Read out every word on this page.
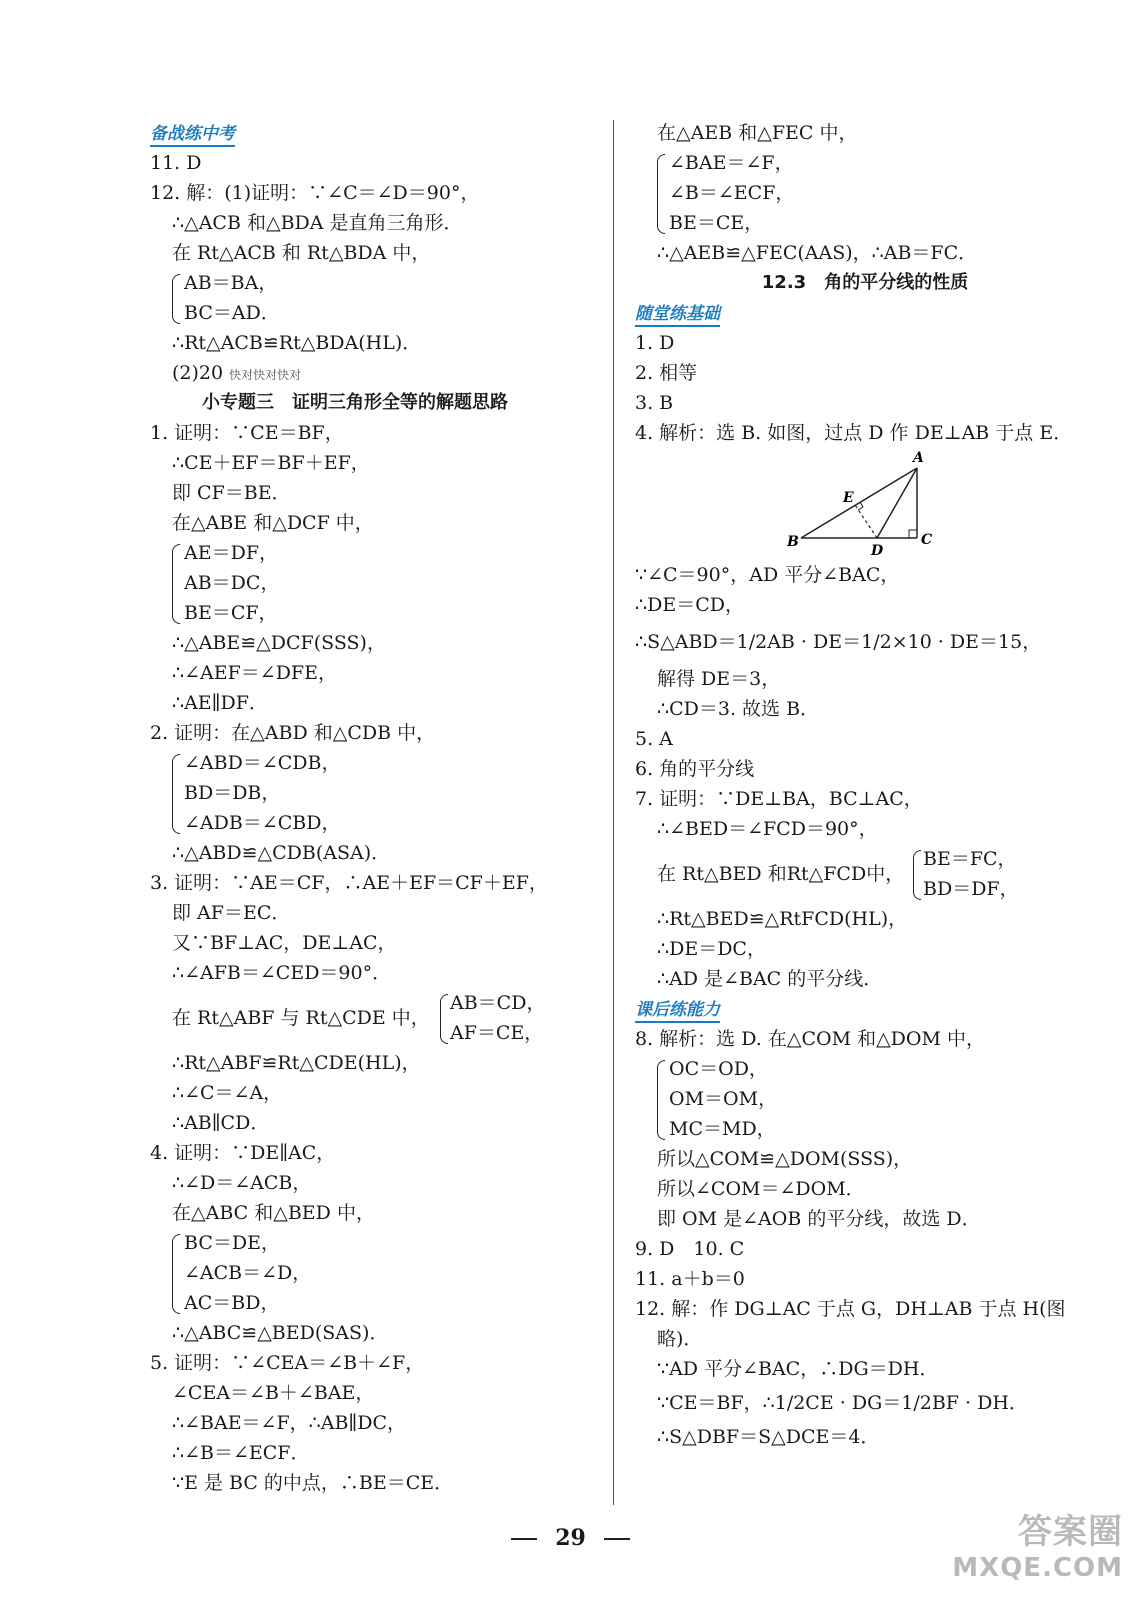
备战练中考
11. D
12. 解：(1)证明：∵∠C＝∠D＝90°，
∴△ACB 和△BDA 是直角三角形．
在 Rt△ACB 和 Rt△BDA 中，
AB＝BA，
BC＝AD．
∴Rt△ACB≌Rt△BDA(HL)．
(2)20 快对快对快对
小专题三　证明三角形全等的解题思路
1. 证明：∵CE＝BF，
∴CE＋EF＝BF＋EF，
即 CF＝BE．
在△ABE 和△DCF 中，
AE＝DF，
AB＝DC，
BE＝CF，
∴△ABE≌△DCF(SSS)，
∴∠AEF＝∠DFE，
∴AE∥DF．
2. 证明：在△ABD 和△CDB 中，
∠ABD＝∠CDB，
BD＝DB，
∠ADB＝∠CBD，
∴△ABD≌△CDB(ASA)．
3. 证明：∵AE＝CF，∴AE＋EF＝CF＋EF，
即 AF＝EC．
又∵BF⊥AC，DE⊥AC，
∴∠AFB＝∠CED＝90°．
在 Rt△ABF 与 Rt△CDE 中，
AB＝CD，
AF＝CE，
∴Rt△ABF≌Rt△CDE(HL)，
∴∠C＝∠A，
∴AB∥CD．
4. 证明：∵DE∥AC，
∴∠D＝∠ACB，
在△ABC 和△BED 中，
BC＝DE，
∠ACB＝∠D，
AC＝BD，
∴△ABC≌△BED(SAS)．
5. 证明：∵∠CEA＝∠B＋∠F，
∠CEA＝∠B＋∠BAE，
∴∠BAE＝∠F，∴AB∥DC，
∴∠B＝∠ECF．
∵E 是 BC 的中点，∴BE＝CE．
在△AEB 和△FEC 中，
∠BAE＝∠F，
∠B＝∠ECF，
BE＝CE，
∴△AEB≌△FEC(AAS)，∴AB＝FC．
12.3　角的平分线的性质
随堂练基础
1. D
2. 相等
3. B
4. 解析：选 B. 如图，过点 D 作 DE⊥AB 于点 E．
A
B	C
D
E
∵∠C＝90°，AD 平分∠BAC，
∴DE＝CD，
∴S△ABD＝1/2AB · DE＝1/2×10 · DE＝15，
解得 DE＝3，
∴CD＝3. 故选 B．
5. A
6. 角的平分线
7. 证明：∵DE⊥BA，BC⊥AC，
∴∠BED＝∠FCD＝90°，
在 Rt△BED 和Rt△FCD中，
BE＝FC，
BD＝DF，
∴Rt△BED≌△RtFCD(HL)，
∴DE＝DC，
∴AD 是∠BAC 的平分线．
课后练能力
8. 解析：选 D. 在△COM 和△DOM 中，
OC＝OD，
OM＝OM，
MC＝MD，
所以△COM≌△DOM(SSS)，
所以∠COM＝∠DOM．
即 OM 是∠AOB 的平分线，故选 D．
9. D　10. C
11. a＋b＝0
12. 解：作 DG⊥AC 于点 G，DH⊥AB 于点 H(图
略)．
∵AD 平分∠BAC，∴DG＝DH．
∵CE＝BF，∴1/2CE · DG＝1/2BF · DH．
∴S△DBF＝S△DCE＝4．
29	答案圈
MXQE.COM
